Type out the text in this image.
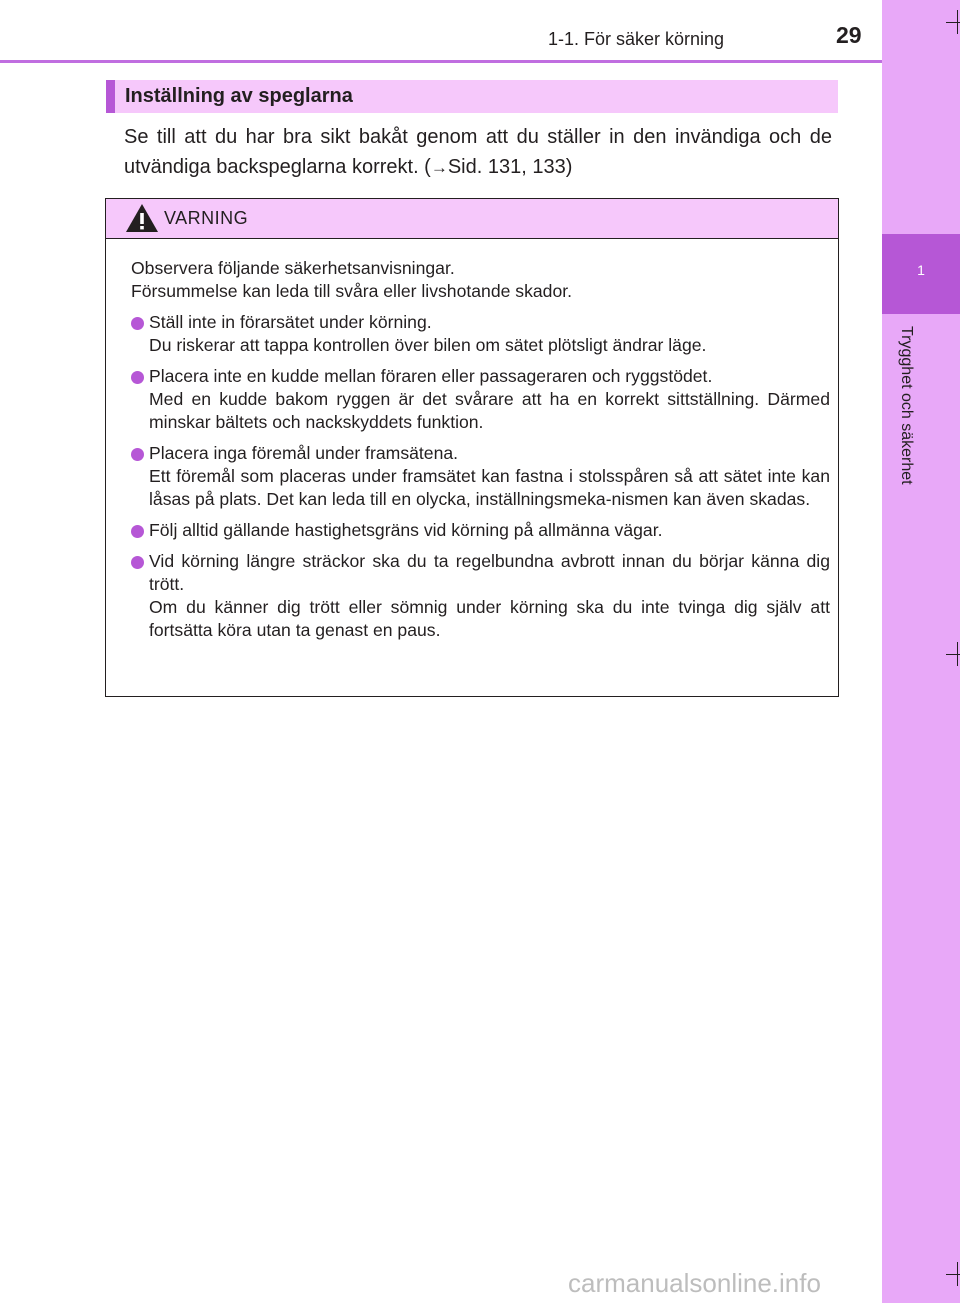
1
Trygghet och säkerhet
1-1. För säker körning	29
Inställning av speglarna

Se till att du har bra sikt bakåt genom att du ställer in den invändiga och de utvändiga backspeglarna korrekt. (→Sid. 131, 133)

VARNING

Observera följande säkerhetsanvisningar.
Försummelse kan leda till svåra eller livshotande skador.

Ställ inte in förarsätet under körning.
Du riskerar att tappa kontrollen över bilen om sätet plötsligt ändrar läge.
Placera inte en kudde mellan föraren eller passageraren och ryggstödet.
Med en kudde bakom ryggen är det svårare att ha en korrekt sittställning. Därmed minskar bältets och nackskyddets funktion.
Placera inga föremål under framsätena.
Ett föremål som placeras under framsätet kan fastna i stolsspåren så att sätet inte kan låsas på plats. Det kan leda till en olycka, inställningsmeka-nismen kan även skadas.
Följ alltid gällande hastighetsgräns vid körning på allmänna vägar.
Vid körning längre sträckor ska du ta regelbundna avbrott innan du börjar känna dig trött.
Om du känner dig trött eller sömnig under körning ska du inte tvinga dig själv att fortsätta köra utan ta genast en paus.
carmanualsonline.info
